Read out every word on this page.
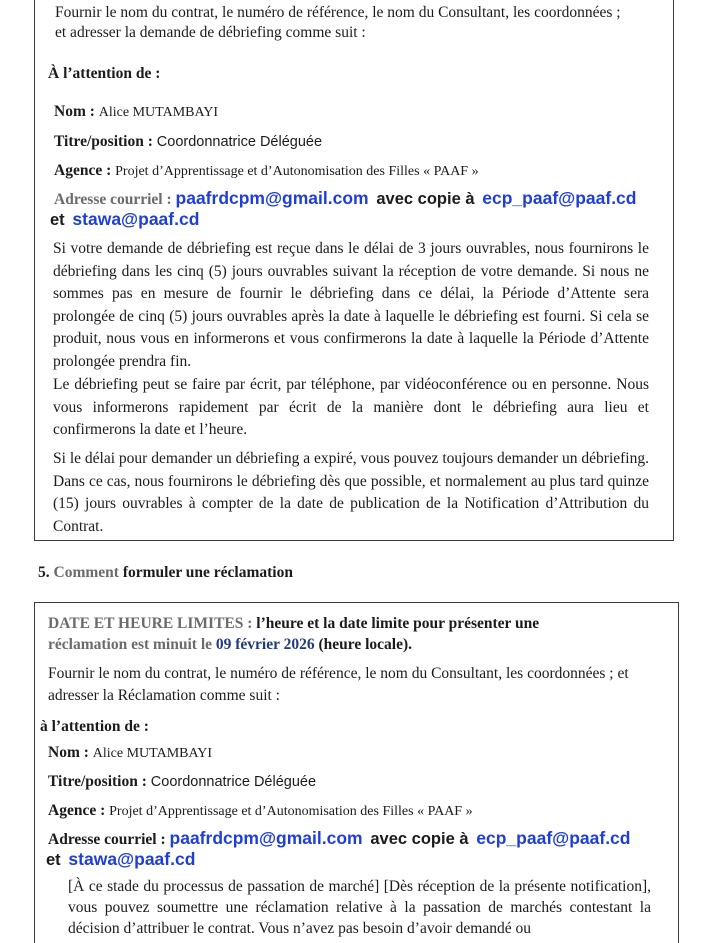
Fournir le nom du contrat, le numéro de référence, le nom du Consultant, les coordonnées ;

et adresser la demande de débriefing comme suit :

À l’attention de :

Nom : Alice MUTAMBAYI

Titre/position : Coordonnatrice Déléguée

Agence : Projet d’Apprentissage et d’Autonomisation des Filles « PAAF »

Adresse courriel : paafrdcpm@gmail.com avec copie à ecp_paaf@paaf.cd

et stawa@paaf.cd

Si votre demande de débriefing est reçue dans le délai de 3 jours ouvrables, nous fournirons le débriefing dans les cinq (5) jours ouvrables suivant la réception de votre demande. Si nous ne sommes pas en mesure de fournir le débriefing dans ce délai, la Période d’Attente sera prolongée de cinq (5) jours ouvrables après la date à laquelle le débriefing est fourni. Si cela se produit, nous vous en informerons et vous confirmerons la date à laquelle la Période d’Attente prolongée prendra fin.

Le débriefing peut se faire par écrit, par téléphone, par vidéoconférence ou en personne. Nous vous informerons rapidement par écrit de la manière dont le débriefing aura lieu et confirmerons la date et l’heure.

Si le délai pour demander un débriefing a expiré, vous pouvez toujours demander un débriefing. Dans ce cas, nous fournirons le débriefing dès que possible, et normalement au plus tard quinze (15) jours ouvrables à compter de la date de publication de la Notification d’Attribution du Contrat.

5. Comment formuler une réclamation

DATE ET HEURE LIMITES : l’heure et la date limite pour présenter une

réclamation est minuit le 09 février 2026 (heure locale).

Fournir le nom du contrat, le numéro de référence, le nom du Consultant, les coordonnées ; et

adresser la Réclamation comme suit :

à l’attention de :

Nom : Alice MUTAMBAYI

Titre/position : Coordonnatrice Déléguée

Agence : Projet d’Apprentissage et d’Autonomisation des Filles « PAAF »

Adresse courriel : paafrdcpm@gmail.com avec copie à ecp_paaf@paaf.cd

et stawa@paaf.cd

[À ce stade du processus de passation de marché] [Dès réception de la présente notification], vous pouvez soumettre une réclamation relative à la passation de marchés contestant la décision d’attribuer le contrat. Vous n’avez pas besoin d’avoir demandé ou
